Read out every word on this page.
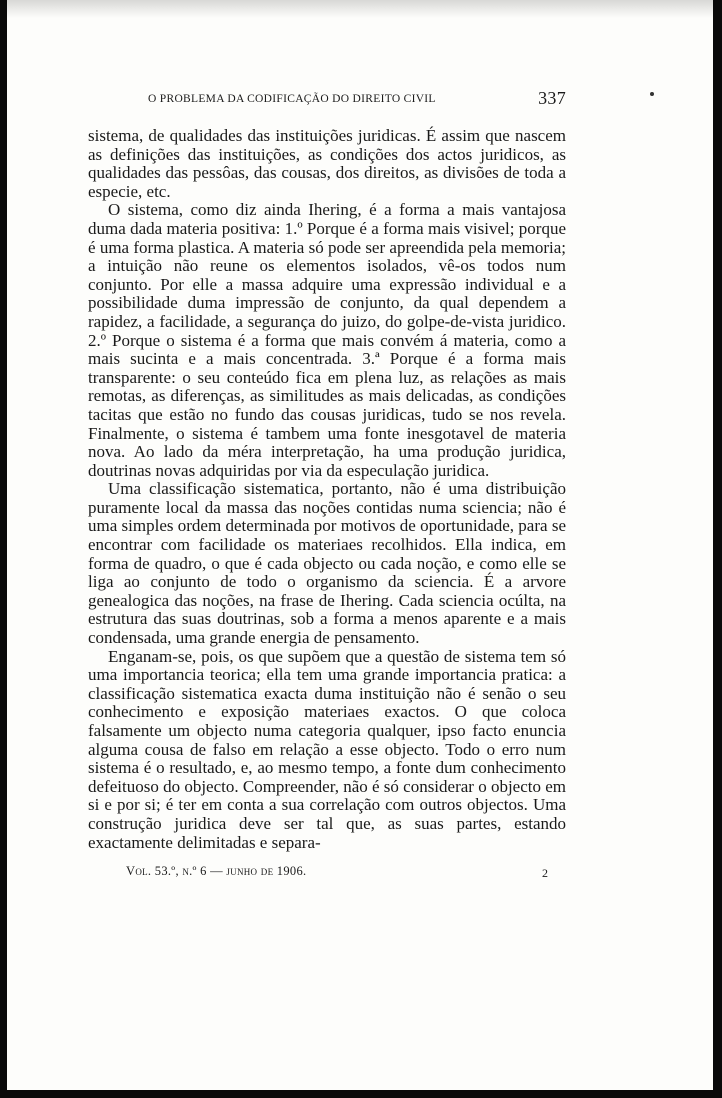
O PROBLEMA DA CODIFICAÇÃO DO DIREITO CIVIL	337

sistema, de qualidades das instituições juridicas. É assim que nascem as definições das instituições, as condições dos actos juridicos, as qualidades das pessôas, das cousas, dos direitos, as divisões de toda a especie, etc.

O sistema, como diz ainda Ihering, é a forma a mais vantajosa duma dada materia positiva: 1.º Porque é a forma mais visivel; porque é uma forma plastica. A materia só pode ser apreendida pela memoria; a intuição não reune os elementos isolados, vê-os todos num conjunto. Por elle a massa adquire uma expressão individual e a possibilidade duma impressão de conjunto, da qual dependem a rapidez, a facilidade, a segurança do juizo, do golpe-de-vista juridico. 2.º Porque o sistema é a forma que mais convém á materia, como a mais sucinta e a mais concentrada. 3.ª Porque é a forma mais transparente: o seu conteúdo fica em plena luz, as relações as mais remotas, as diferenças, as similitudes as mais delicadas, as condições tacitas que estão no fundo das cousas juridicas, tudo se nos revela. Finalmente, o sistema é tambem uma fonte inesgotavel de materia nova. Ao lado da méra interpretação, ha uma produção juridica, doutrinas novas adquiridas por via da especulação juridica.

Uma classificação sistematica, portanto, não é uma distribuição puramente local da massa das noções contidas numa sciencia; não é uma simples ordem determinada por motivos de oportunidade, para se encontrar com facilidade os materiaes recolhidos. Ella indica, em forma de quadro, o que é cada objecto ou cada noção, e como elle se liga ao conjunto de todo o organismo da sciencia. É a arvore genealogica das noções, na frase de Ihering. Cada sciencia ocúlta, na estrutura das suas doutrinas, sob a forma a menos aparente e a mais condensada, uma grande energia de pensamento.

Enganam-se, pois, os que supõem que a questão de sistema tem só uma importancia teorica; ella tem uma grande importancia pratica: a classificação sistematica exacta duma instituição não é senão o seu conhecimento e exposição materiaes exactos. O que coloca falsamente um objecto numa categoria qualquer, ipso facto enuncia alguma cousa de falso em relação a esse objecto. Todo o erro num sistema é o resultado, e, ao mesmo tempo, a fonte dum conhecimento defeituoso do objecto. Compreender, não é só considerar o objecto em si e por si; é ter em conta a sua correlação com outros objectos. Uma construção juridica deve ser tal que, as suas partes, estando exactamente delimitadas e separa-

Vol. 53.º, n.º 6 — junho de 1906.	2
